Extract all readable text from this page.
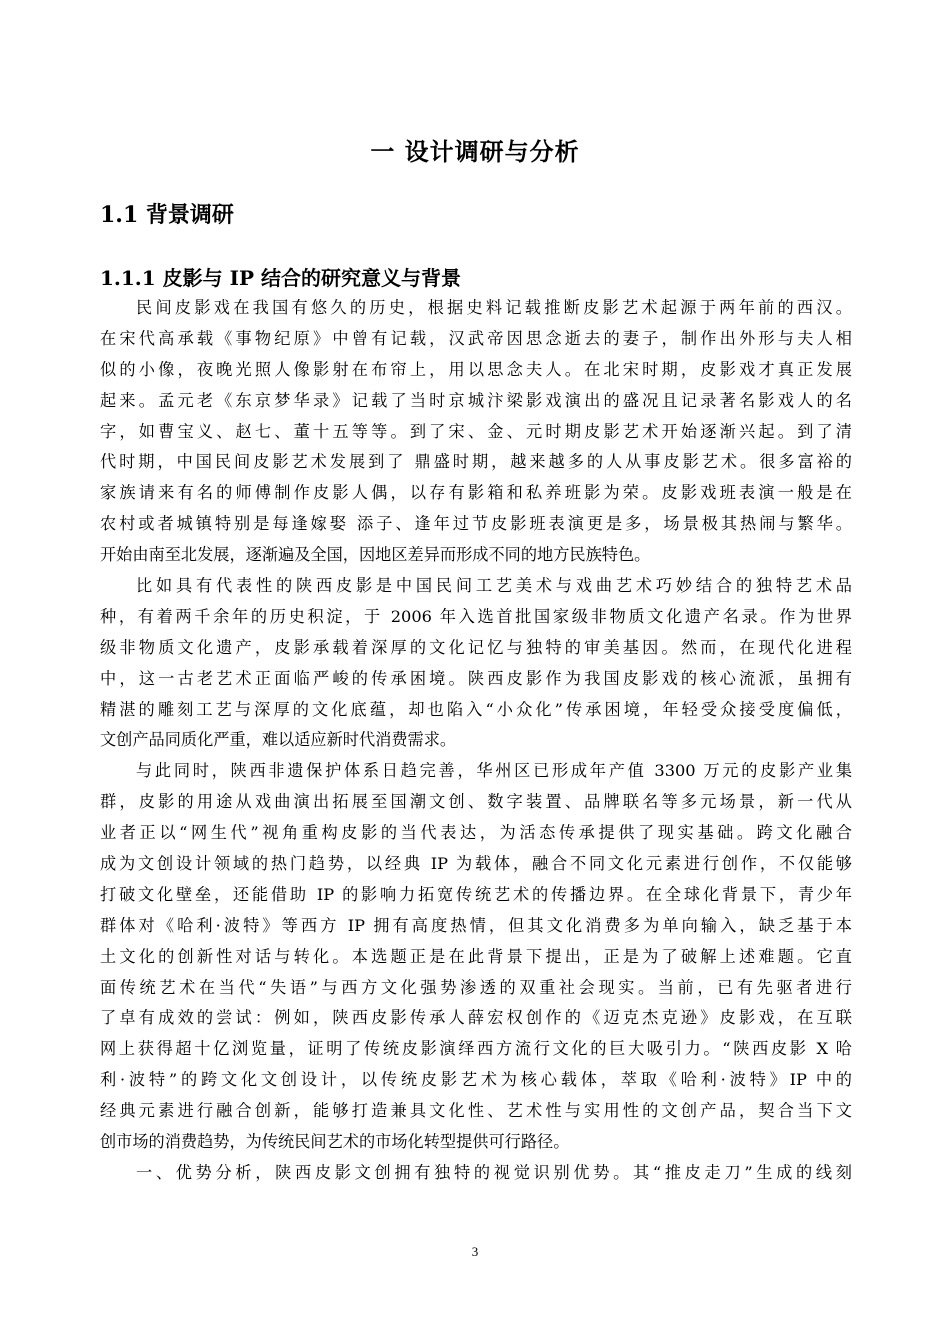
一 设计调研与分析
1.1 背景调研
1.1.1 皮影与 IP 结合的研究意义与背景
民间皮影戏在我国有悠久的历史，根据史料记载推断皮影艺术起源于两年前的西汉。
在宋代高承载《事物纪原》中曾有记载，汉武帝因思念逝去的妻子，制作出外形与夫人相
似的小像，夜晚光照人像影射在布帘上，用以思念夫人。在北宋时期，皮影戏才真正发展
起来。孟元老《东京梦华录》记载了当时京城汴梁影戏演出的盛况且记录著名影戏人的名
字，如曹宝义、赵七、董十五等等。到了宋、金、元时期皮影艺术开始逐渐兴起。到了清
代时期，中国民间皮影艺术发展到了 鼎盛时期，越来越多的人从事皮影艺术。很多富裕的
家族请来有名的师傅制作皮影人偶，以存有影箱和私养班影为荣。皮影戏班表演一般是在
农村或者城镇特别是每逢嫁娶 添子、逢年过节皮影班表演更是多，场景极其热闹与繁华。
开始由南至北发展，逐渐遍及全国，因地区差异而形成不同的地方民族特色。
比如具有代表性的陕西皮影是中国民间工艺美术与戏曲艺术巧妙结合的独特艺术品
种，有着两千余年的历史积淀，于 2006 年入选首批国家级非物质文化遗产名录。作为世界
级非物质文化遗产，皮影承载着深厚的文化记忆与独特的审美基因。然而，在现代化进程
中，这一古老艺术正面临严峻的传承困境。陕西皮影作为我国皮影戏的核心流派，虽拥有
精湛的雕刻工艺与深厚的文化底蕴，却也陷入“小众化”传承困境，年轻受众接受度偏低，
文创产品同质化严重，难以适应新时代消费需求。
与此同时，陕西非遗保护体系日趋完善，华州区已形成年产值 3300 万元的皮影产业集
群，皮影的用途从戏曲演出拓展至国潮文创、数字装置、品牌联名等多元场景，新一代从
业者正以“网生代”视角重构皮影的当代表达，为活态传承提供了现实基础。跨文化融合
成为文创设计领域的热门趋势，以经典 IP 为载体，融合不同文化元素进行创作，不仅能够
打破文化壁垒，还能借助 IP 的影响力拓宽传统艺术的传播边界。在全球化背景下，青少年
群体对《哈利·波特》等西方 IP 拥有高度热情，但其文化消费多为单向输入，缺乏基于本
土文化的创新性对话与转化。本选题正是在此背景下提出，正是为了破解上述难题。它直
面传统艺术在当代“失语”与西方文化强势渗透的双重社会现实。当前，已有先驱者进行
了卓有成效的尝试：例如，陕西皮影传承人薛宏权创作的《迈克杰克逊》皮影戏，在互联
网上获得超十亿浏览量，证明了传统皮影演绎西方流行文化的巨大吸引力。“陕西皮影 X 哈
利·波特”的跨文化文创设计，以传统皮影艺术为核心载体，萃取《哈利·波特》IP 中的
经典元素进行融合创新，能够打造兼具文化性、艺术性与实用性的文创产品，契合当下文
创市场的消费趋势，为传统民间艺术的市场化转型提供可行路径。
一、优势分析，陕西皮影文创拥有独特的视觉识别优势。其“推皮走刀”生成的线刻
3
